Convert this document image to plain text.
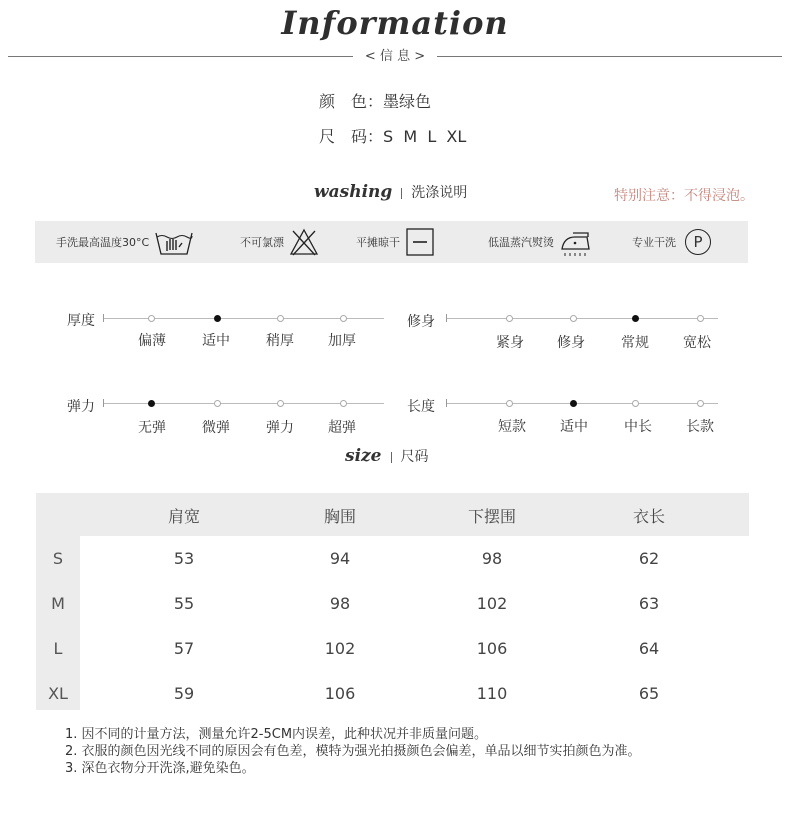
Information
< 信 息 >
颜　色：墨绿色
尺　码：S  M  L  XL
washing 洗涤说明	特别注意：不得浸泡。
手洗最高温度30°C	不可氯漂	平摊晾干	低温蒸汽熨烫	专业干洗	P
厚度
偏薄	适中	稍厚	加厚
修身
紧身	修身	常规	宽松
弹力
无弹	微弹	弹力	超弹
长度
短款	适中	中长	长款
size 尺码
肩宽	胸围	下摆围	衣长
S	53	94	98	62
M	55	98	102	63
L	57	102	106	64
XL	59	106	110	65
1. 因不同的计量方法，测量允许2-5CM内误差，此种状况并非质量问题。
2. 衣服的颜色因光线不同的原因会有色差，模特为强光拍摄颜色会偏差，单品以细节实拍颜色为准。
3. 深色衣物分开洗涤,避免染色。
